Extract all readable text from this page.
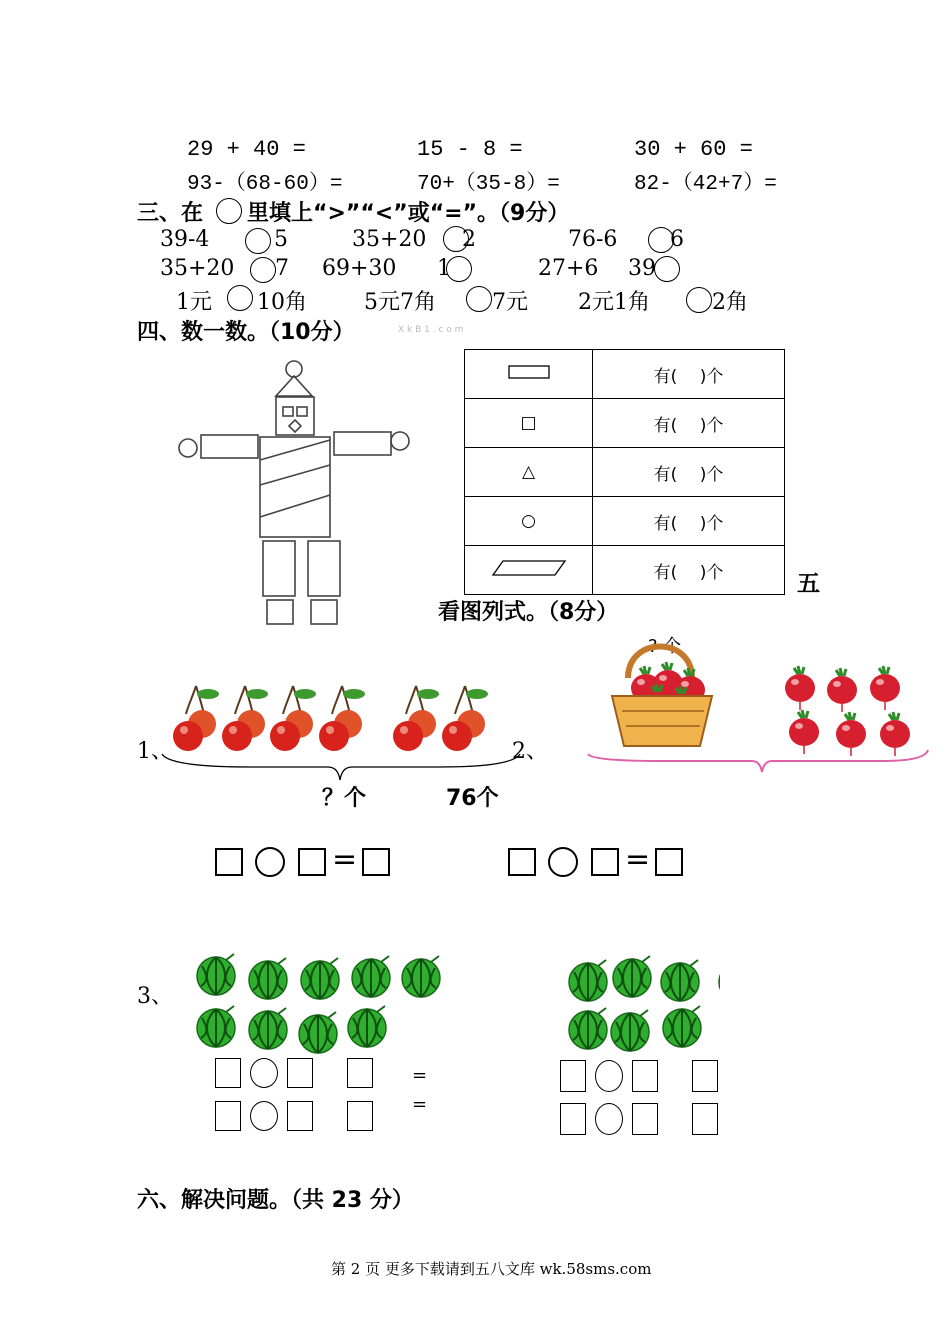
29 + 40 =	15 - 8 =	30 + 60 =
93-（68-60）=	70+（35-8）=	82-（42+7）=
三、在 里填上“>”“<”或“=”。（9分）
39-4	5	35+20 2	76-6 6
35+20 7 69+30 1	27+6 39
1元 10角	5元7角	7元 2元1角	2角
四、数一数。（10分）	X k B 1 . c o m
	有(　 )个
□	有(　 )个
△	有(　 )个
○	有(　 )个
	有(　 )个	五
看图列式。（8分）
1、	2、
？个	76个
? 个
=	=
3、
=
=
六、解决问题。（共 23 分）
第 2 页 更多下载请到五八文库 wk.58sms.com
